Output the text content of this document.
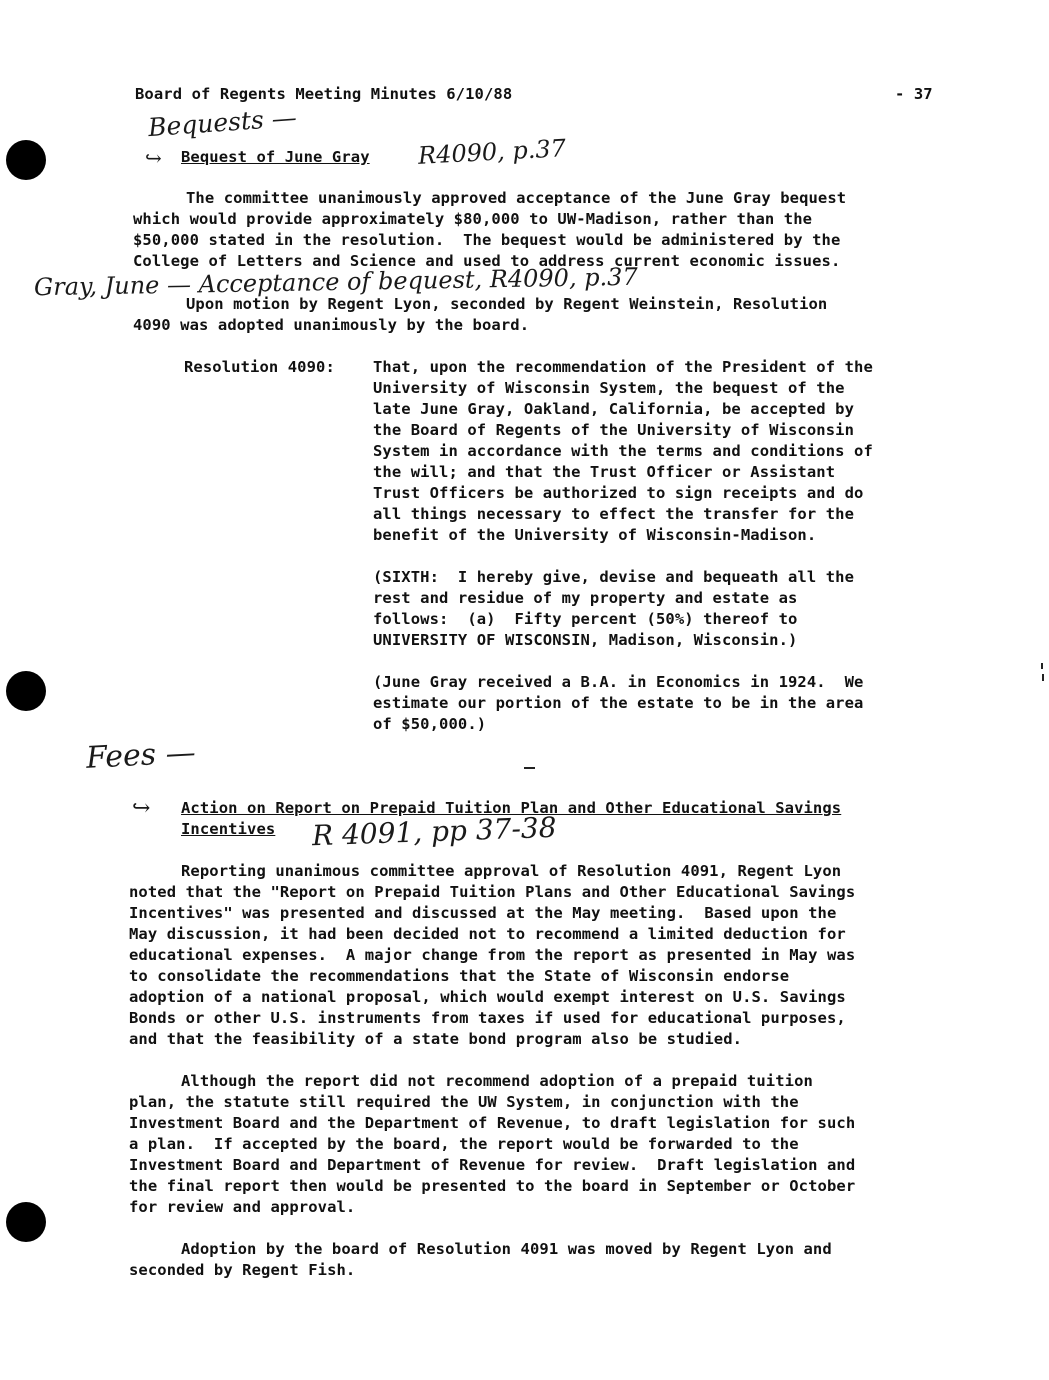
Board of Regents Meeting Minutes 6/10/88	- 37
Bequests —
↪ Bequest of June Gray R4090, p.37
The committee unanimously approved acceptance of the June Gray bequest
which would provide approximately $80,000 to UW-Madison, rather than the
$50,000 stated in the resolution.  The bequest would be administered by the
College of Letters and Science and used to address current economic issues.
Gray, June — Acceptance of bequest, R4090, p.37
Upon motion by Regent Lyon, seconded by Regent Weinstein, Resolution
4090 was adopted unanimously by the board.
Resolution 4090: That, upon the recommendation of the President of the
University of Wisconsin System, the bequest of the
late June Gray, Oakland, California, be accepted by
the Board of Regents of the University of Wisconsin
System in accordance with the terms and conditions of
the will; and that the Trust Officer or Assistant
Trust Officers be authorized to sign receipts and do
all things necessary to effect the transfer for the
benefit of the University of Wisconsin-Madison.
(SIXTH:  I hereby give, devise and bequeath all the
rest and residue of my property and estate as
follows:  (a)  Fifty percent (50%) thereof to
UNIVERSITY OF WISCONSIN, Madison, Wisconsin.)
(June Gray received a B.A. in Economics in 1924.  We
estimate our portion of the estate to be in the area
of $50,000.)
Fees —
↪ Action on Report on Prepaid Tuition Plan and Other Educational Savings
Incentives R 4091, pp 37-38
Reporting unanimous committee approval of Resolution 4091, Regent Lyon
noted that the "Report on Prepaid Tuition Plans and Other Educational Savings
Incentives" was presented and discussed at the May meeting.  Based upon the
May discussion, it had been decided not to recommend a limited deduction for
educational expenses.  A major change from the report as presented in May was
to consolidate the recommendations that the State of Wisconsin endorse
adoption of a national proposal, which would exempt interest on U.S. Savings
Bonds or other U.S. instruments from taxes if used for educational purposes,
and that the feasibility of a state bond program also be studied.
Although the report did not recommend adoption of a prepaid tuition
plan, the statute still required the UW System, in conjunction with the
Investment Board and the Department of Revenue, to draft legislation for such
a plan.  If accepted by the board, the report would be forwarded to the
Investment Board and Department of Revenue for review.  Draft legislation and
the final report then would be presented to the board in September or October
for review and approval.
Adoption by the board of Resolution 4091 was moved by Regent Lyon and
seconded by Regent Fish.
